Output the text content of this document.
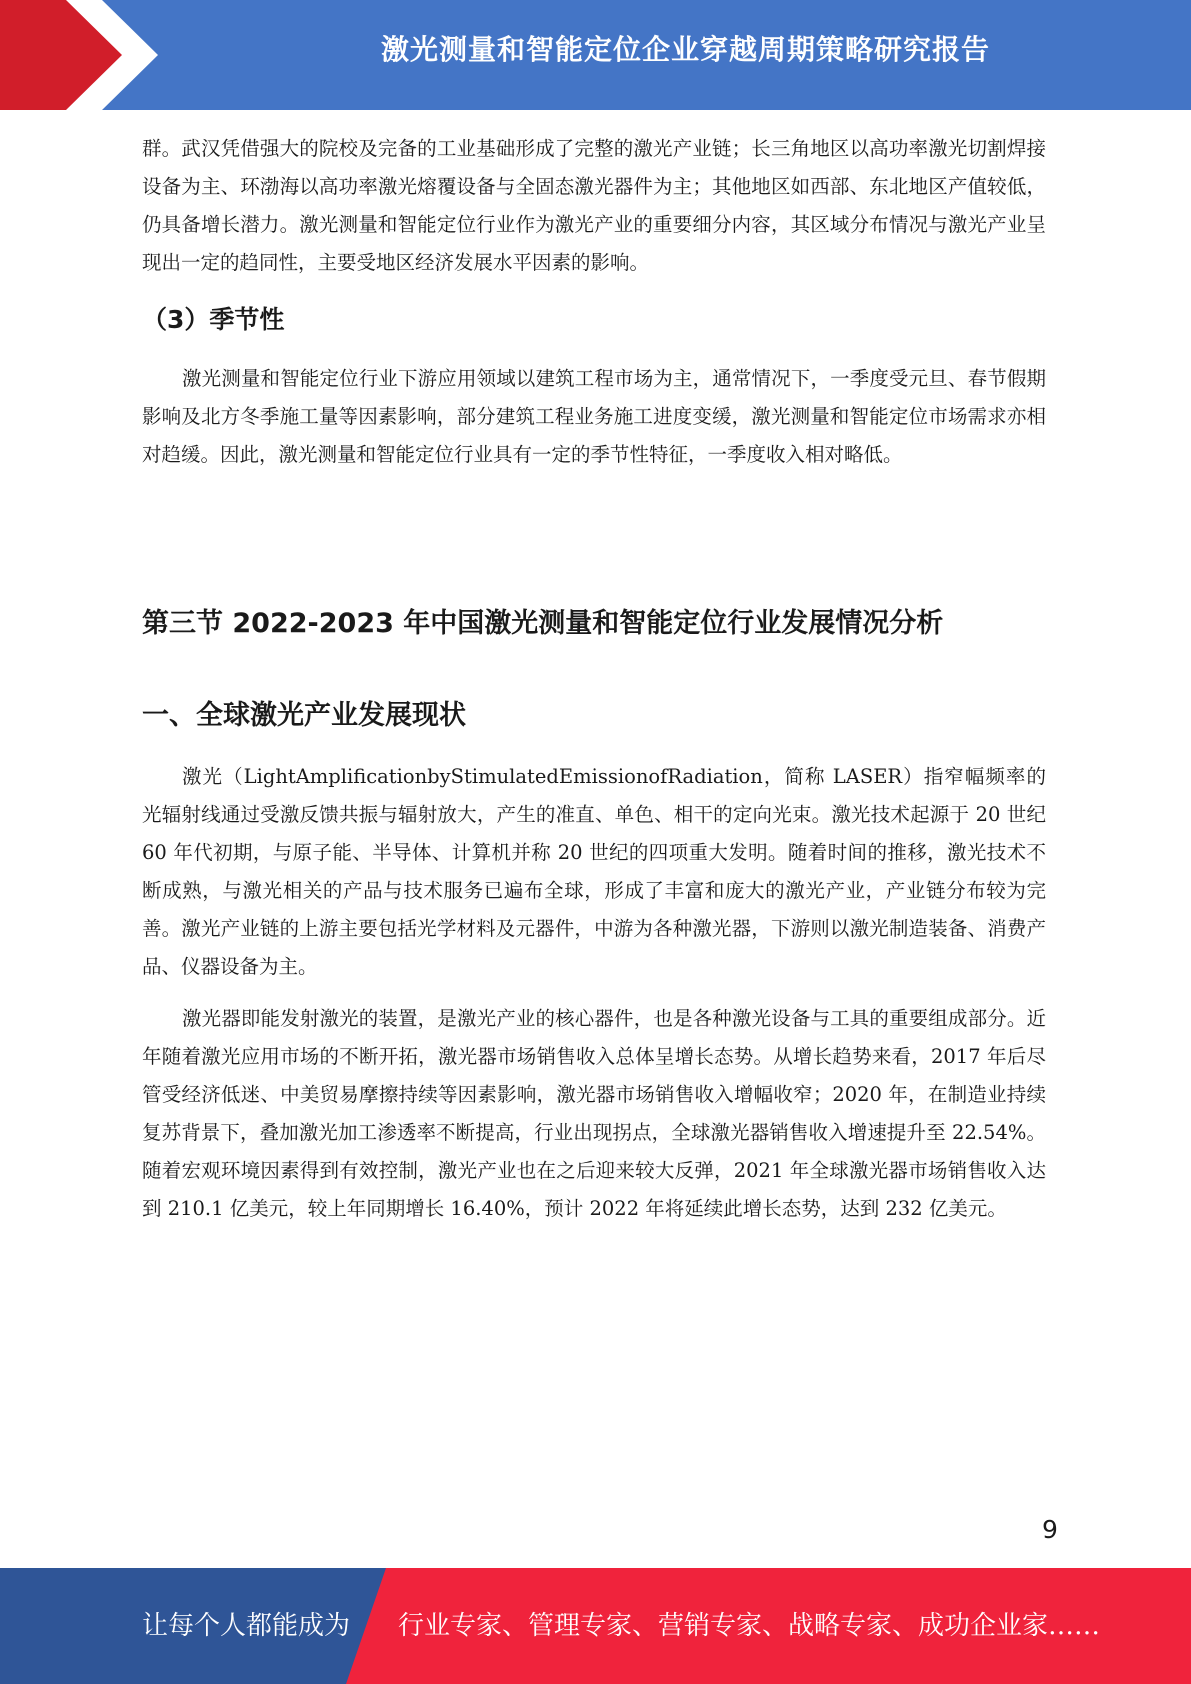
激光测量和智能定位企业穿越周期策略研究报告

群。武汉凭借强大的院校及完备的工业基础形成了完整的激光产业链；长三角地区以高功率激光切割焊接设备为主、环渤海以高功率激光熔覆设备与全固态激光器件为主；其他地区如西部、东北地区产值较低，仍具备增长潜力。激光测量和智能定位行业作为激光产业的重要细分内容，其区域分布情况与激光产业呈现出一定的趋同性，主要受地区经济发展水平因素的影响。

（3）季节性

激光测量和智能定位行业下游应用领域以建筑工程市场为主，通常情况下，一季度受元旦、春节假期影响及北方冬季施工量等因素影响，部分建筑工程业务施工进度变缓，激光测量和智能定位市场需求亦相对趋缓。因此，激光测量和智能定位行业具有一定的季节性特征，一季度收入相对略低。

第三节 2022-2023 年中国激光测量和智能定位行业发展情况分析
一、全球激光产业发展现状

激光（LightAmplificationbyStimulatedEmissionofRadiation，简称 LASER）指窄幅频率的光辐射线通过受激反馈共振与辐射放大，产生的准直、单色、相干的定向光束。激光技术起源于 20 世纪 60 年代初期，与原子能、半导体、计算机并称 20 世纪的四项重大发明。随着时间的推移，激光技术不断成熟，与激光相关的产品与技术服务已遍布全球，形成了丰富和庞大的激光产业，产业链分布较为完善。激光产业链的上游主要包括光学材料及元器件，中游为各种激光器，下游则以激光制造装备、消费产品、仪器设备为主。

激光器即能发射激光的装置，是激光产业的核心器件，也是各种激光设备与工具的重要组成部分。近年随着激光应用市场的不断开拓，激光器市场销售收入总体呈增长态势。从增长趋势来看，2017 年后尽管受经济低迷、中美贸易摩擦持续等因素影响，激光器市场销售收入增幅收窄；2020 年，在制造业持续复苏背景下，叠加激光加工渗透率不断提高，行业出现拐点，全球激光器销售收入增速提升至 22.54%。随着宏观环境因素得到有效控制，激光产业也在之后迎来较大反弹，2021 年全球激光器市场销售收入达到 210.1 亿美元，较上年同期增长 16.40%，预计 2022 年将延续此增长态势，达到 232 亿美元。

9
让每个人都能成为 行业专家、管理专家、营销专家、战略专家、成功企业家……
